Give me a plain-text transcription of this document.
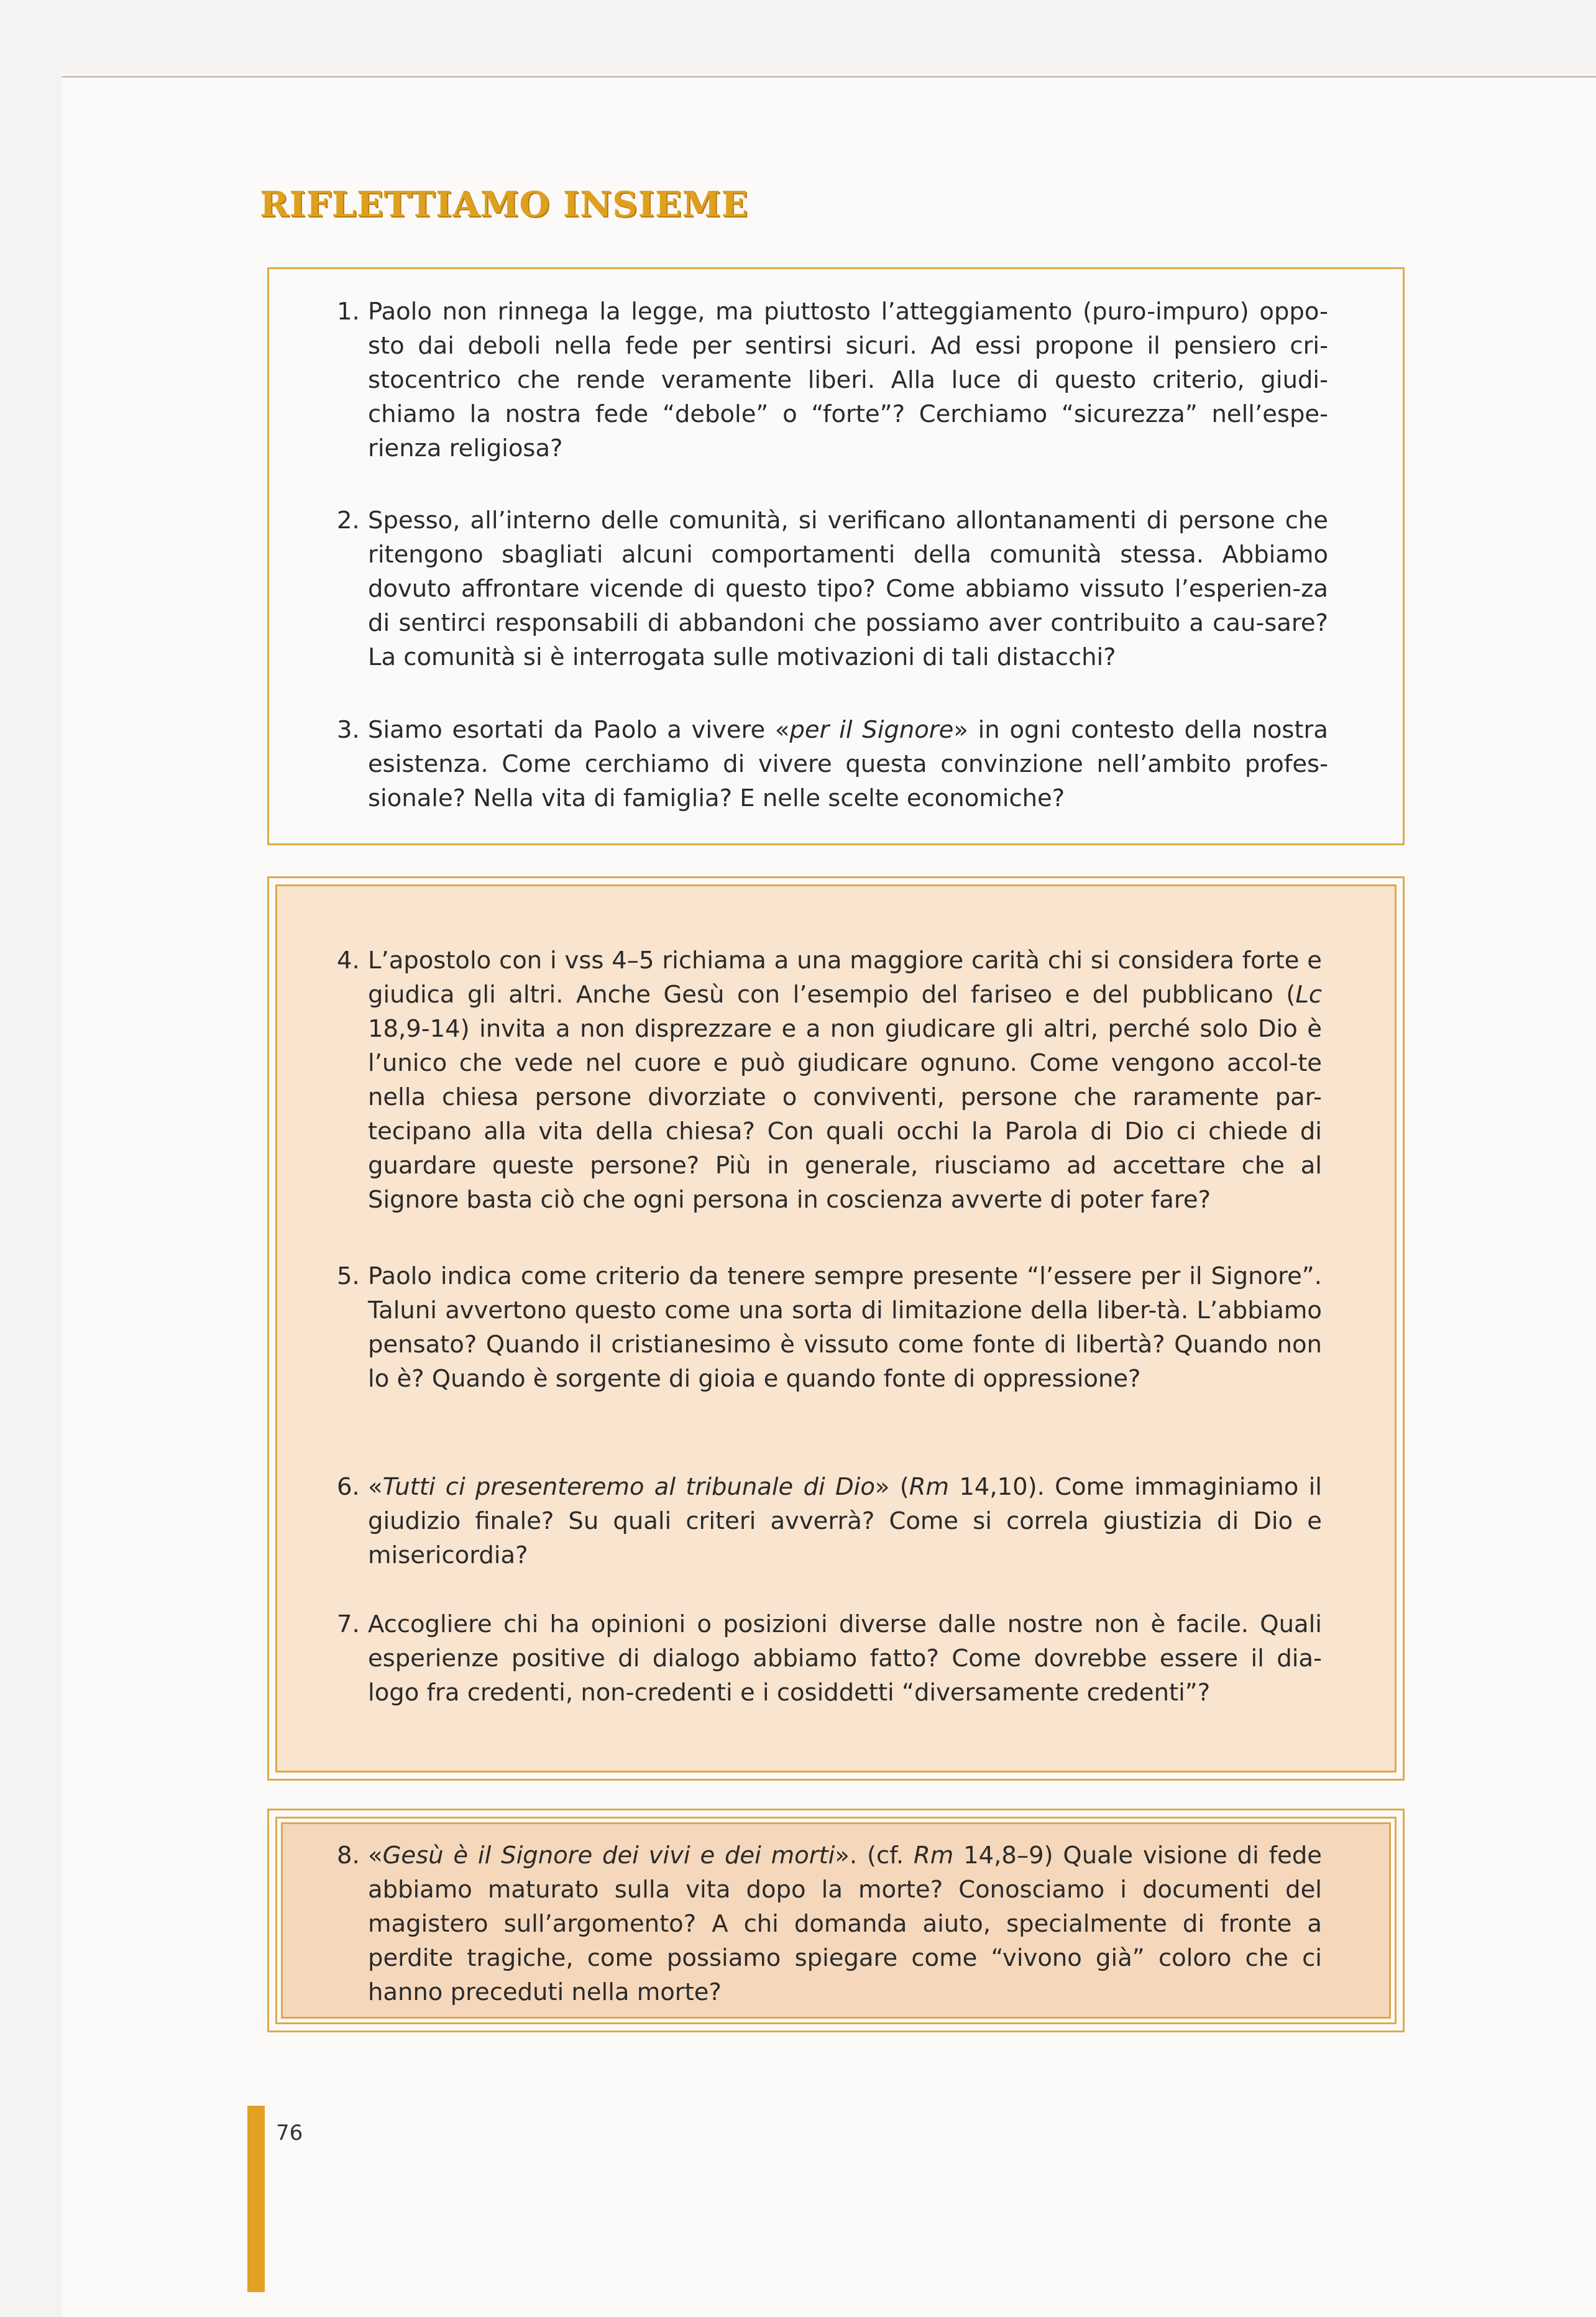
RIFLETTIAMO INSIEME
1. Paolo non rinnega la legge, ma piuttosto l’atteggiamento (puro-impuro) oppo-sto dai deboli nella fede per sentirsi sicuri. Ad essi propone il pensiero cri-stocentrico che rende veramente liberi. Alla luce di questo criterio, giudi-chiamo la nostra fede “debole” o “forte”? Cerchiamo “sicurezza” nell’espe-rienza religiosa?

2. Spesso, all’interno delle comunità, si verificano allontanamenti di persone che ritengono sbagliati alcuni comportamenti della comunità stessa. Abbiamo dovuto affrontare vicende di questo tipo? Come abbiamo vissuto l’esperien-za di sentirci responsabili di abbandoni che possiamo aver contribuito a cau-sare? La comunità si è interrogata sulle motivazioni di tali distacchi?

3. Siamo esortati da Paolo a vivere «per il Signore» in ogni contesto della nostra esistenza. Come cerchiamo di vivere questa convinzione nell’ambito profes-sionale? Nella vita di famiglia? E nelle scelte economiche?

4. L’apostolo con i vss 4–5 richiama a una maggiore carità chi si considera forte e giudica gli altri. Anche Gesù con l’esempio del fariseo e del pubblicano (Lc 18,9-14) invita a non disprezzare e a non giudicare gli altri, perché solo Dio è l’unico che vede nel cuore e può giudicare ognuno. Come vengono accol-te nella chiesa persone divorziate o conviventi, persone che raramente par-tecipano alla vita della chiesa? Con quali occhi la Parola di Dio ci chiede di guardare queste persone? Più in generale, riusciamo ad accettare che al Signore basta ciò che ogni persona in coscienza avverte di poter fare?

5. Paolo indica come criterio da tenere sempre presente “l’essere per il Signore”. Taluni avvertono questo come una sorta di limitazione della liber-tà. L’abbiamo pensato? Quando il cristianesimo è vissuto come fonte di libertà? Quando non lo è? Quando è sorgente di gioia e quando fonte di oppressione?

6. «Tutti ci presenteremo al tribunale di Dio» (Rm 14,10). Come immaginiamo il giudizio finale? Su quali criteri avverrà? Come si correla giustizia di Dio e misericordia?

7. Accogliere chi ha opinioni o posizioni diverse dalle nostre non è facile. Quali esperienze positive di dialogo abbiamo fatto? Come dovrebbe essere il dia-logo fra credenti, non-credenti e i cosiddetti “diversamente credenti”?

8. «Gesù è il Signore dei vivi e dei morti». (cf. Rm 14,8–9) Quale visione di fede abbiamo maturato sulla vita dopo la morte? Conosciamo i documenti del magistero sull’argomento? A chi domanda aiuto, specialmente di fronte a perdite tragiche, come possiamo spiegare come “vivono già” coloro che ci hanno preceduti nella morte?

76
